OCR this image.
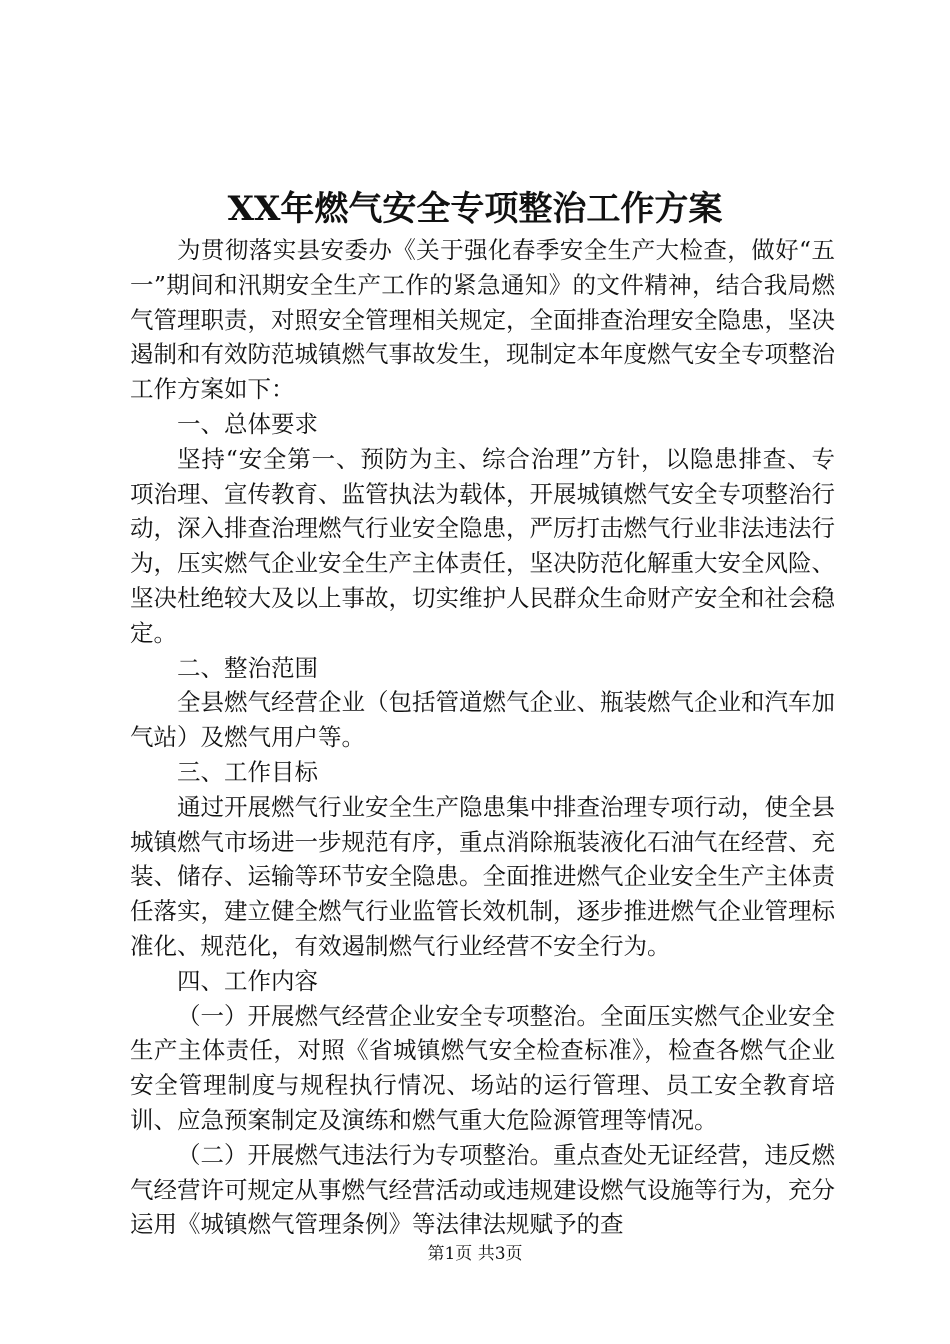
XX年燃气安全专项整治工作方案

为贯彻落实县安委办《关于强化春季安全生产大检查，做好“五一”期间和汛期安全生产工作的紧急通知》的文件精神，结合我局燃气管理职责，对照安全管理相关规定，全面排查治理安全隐患，坚决遏制和有效防范城镇燃气事故发生，现制定本年度燃气安全专项整治工作方案如下：

一、总体要求

坚持“安全第一、预防为主、综合治理”方针，以隐患排查、专项治理、宣传教育、监管执法为载体，开展城镇燃气安全专项整治行动，深入排查治理燃气行业安全隐患，严厉打击燃气行业非法违法行为，压实燃气企业安全生产主体责任，坚决防范化解重大安全风险、坚决杜绝较大及以上事故，切实维护人民群众生命财产安全和社会稳定。

二、整治范围

全县燃气经营企业（包括管道燃气企业、瓶装燃气企业和汽车加气站）及燃气用户等。

三、工作目标

通过开展燃气行业安全生产隐患集中排查治理专项行动，使全县城镇燃气市场进一步规范有序，重点消除瓶装液化石油气在经营、充装、储存、运输等环节安全隐患。全面推进燃气企业安全生产主体责任落实，建立健全燃气行业监管长效机制，逐步推进燃气企业管理标准化、规范化，有效遏制燃气行业经营不安全行为。

四、工作内容

（一）开展燃气经营企业安全专项整治。全面压实燃气企业安全生产主体责任，对照《省城镇燃气安全检查标准》，检查各燃气企业安全管理制度与规程执行情况、场站的运行管理、员工安全教育培训、应急预案制定及演练和燃气重大危险源管理等情况。

（二）开展燃气违法行为专项整治。重点查处无证经营，违反燃气经营许可规定从事燃气经营活动或违规建设燃气设施等行为，充分运用《城镇燃气管理条例》等法律法规赋予的查

第1页 共3页
